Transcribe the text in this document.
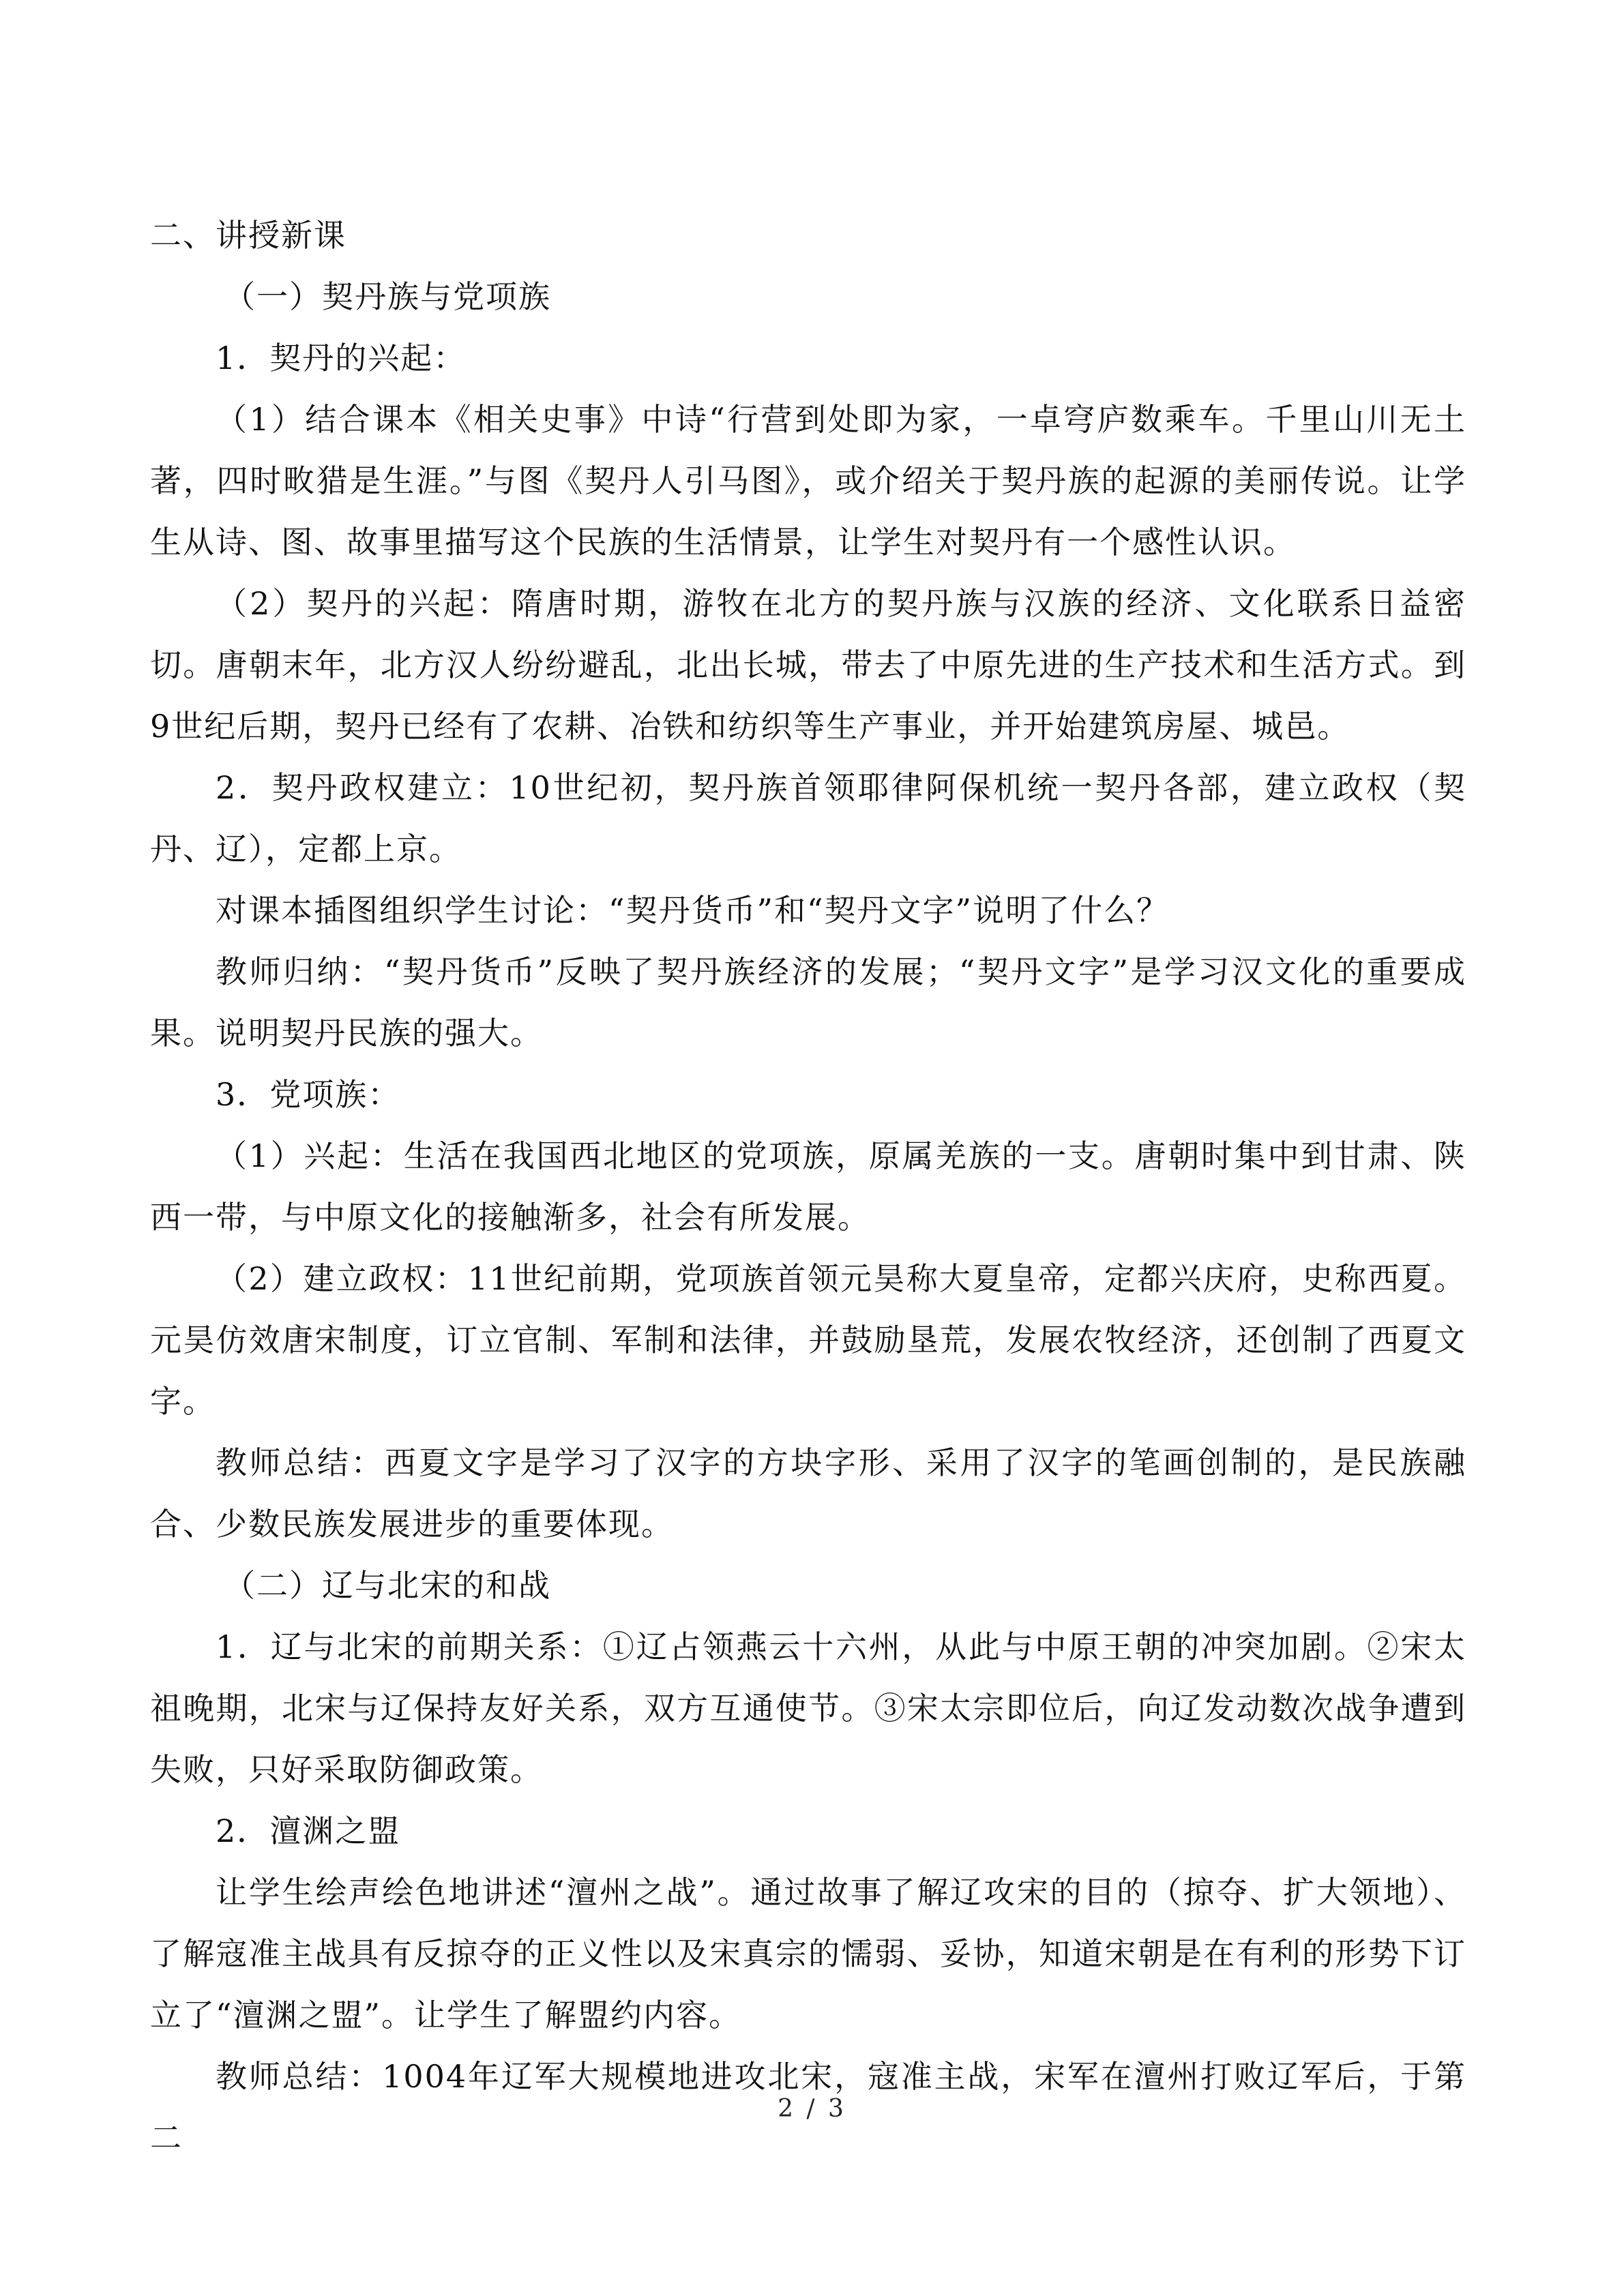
二、讲授新课

（一）契丹族与党项族

1．契丹的兴起：

（1）结合课本《相关史事》中诗“行营到处即为家，一卓穹庐数乘车。千里山川无土著，四时畋猎是生涯。”与图《契丹人引马图》，或介绍关于契丹族的起源的美丽传说。让学生从诗、图、故事里描写这个民族的生活情景，让学生对契丹有一个感性认识。

（2）契丹的兴起：隋唐时期，游牧在北方的契丹族与汉族的经济、文化联系日益密切。唐朝末年，北方汉人纷纷避乱，北出长城，带去了中原先进的生产技术和生活方式。到9世纪后期，契丹已经有了农耕、冶铁和纺织等生产事业，并开始建筑房屋、城邑。

2．契丹政权建立：10世纪初，契丹族首领耶律阿保机统一契丹各部，建立政权（契丹、辽），定都上京。

对课本插图组织学生讨论：“契丹货币”和“契丹文字”说明了什么？

教师归纳：“契丹货币”反映了契丹族经济的发展；“契丹文字”是学习汉文化的重要成果。说明契丹民族的强大。

3．党项族：

（1）兴起：生活在我国西北地区的党项族，原属羌族的一支。唐朝时集中到甘肃、陕西一带，与中原文化的接触渐多，社会有所发展。

（2）建立政权：11世纪前期，党项族首领元昊称大夏皇帝，定都兴庆府，史称西夏。元昊仿效唐宋制度，订立官制、军制和法律，并鼓励垦荒，发展农牧经济，还创制了西夏文字。

教师总结：西夏文字是学习了汉字的方块字形、采用了汉字的笔画创制的，是民族融合、少数民族发展进步的重要体现。

（二）辽与北宋的和战

1．辽与北宋的前期关系：①辽占领燕云十六州，从此与中原王朝的冲突加剧。②宋太祖晚期，北宋与辽保持友好关系，双方互通使节。③宋太宗即位后，向辽发动数次战争遭到失败，只好采取防御政策。

2．澶渊之盟

让学生绘声绘色地讲述“澶州之战”。通过故事了解辽攻宋的目的（掠夺、扩大领地）、了解寇准主战具有反掠夺的正义性以及宋真宗的懦弱、妥协，知道宋朝是在有利的形势下订立了“澶渊之盟”。让学生了解盟约内容。

教师总结：1004年辽军大规模地进攻北宋，寇准主战，宋军在澶州打败辽军后，于第二

2 / 3
